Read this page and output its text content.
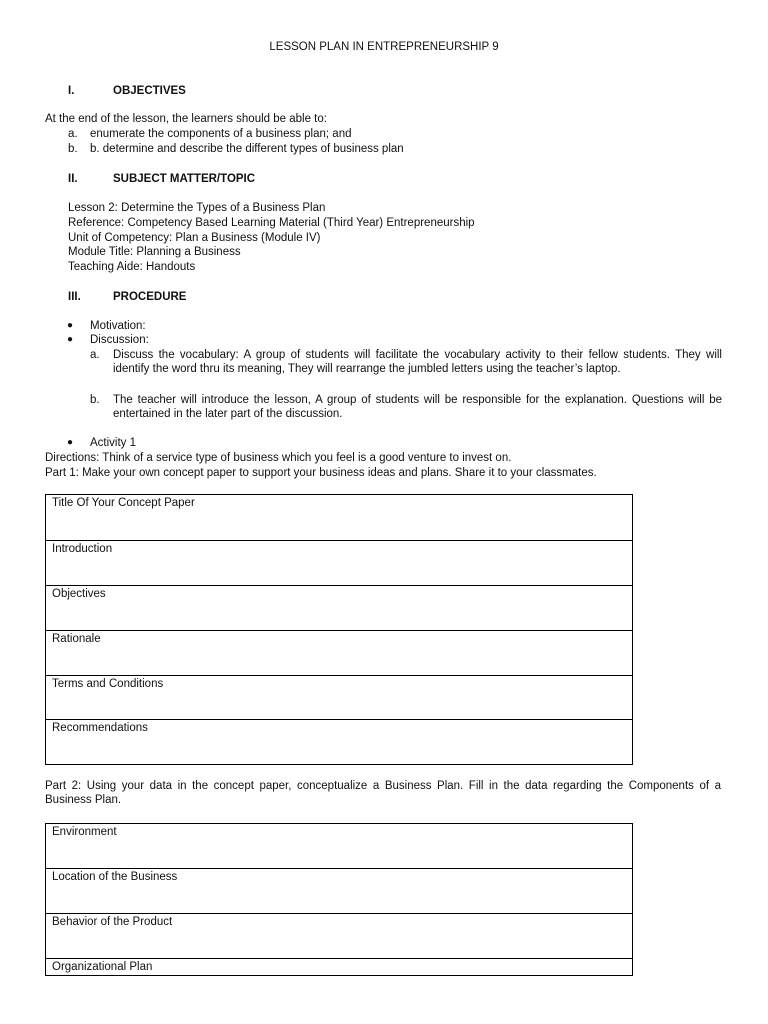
LESSON PLAN IN ENTREPRENEURSHIP 9
I.	OBJECTIVES
At the end of the lesson, the learners should be able to:
a. enumerate the components of a business plan; and
b. b. determine and describe the different types of business plan
II.	SUBJECT MATTER/TOPIC
Lesson 2: Determine the Types of a Business Plan
Reference: Competency Based Learning Material (Third Year) Entrepreneurship
Unit of Competency: Plan a Business (Module IV)
Module Title: Planning a Business
Teaching Aide: Handouts
III.	PROCEDURE
● Motivation:
● Discussion:
a. Discuss the vocabulary: A group of students will facilitate the vocabulary activity to their fellow students. They will identify the word thru its meaning, They will rearrange the jumbled letters using the teacher’s laptop.
b. The teacher will introduce the lesson, A group of students will be responsible for the explanation. Questions will be entertained in the later part of the discussion.
● Activity 1
Directions: Think of a service type of business which you feel is a good venture to invest on.
Part 1: Make your own concept paper to support your business ideas and plans. Share it to your classmates.
Title Of Your Concept Paper
Introduction
Objectives
Rationale
Terms and Conditions
Recommendations
Part 2: Using your data in the concept paper, conceptualize a Business Plan. Fill in the data regarding the Components of a Business Plan.
Environment
Location of the Business
Behavior of the Product
Organizational Plan
